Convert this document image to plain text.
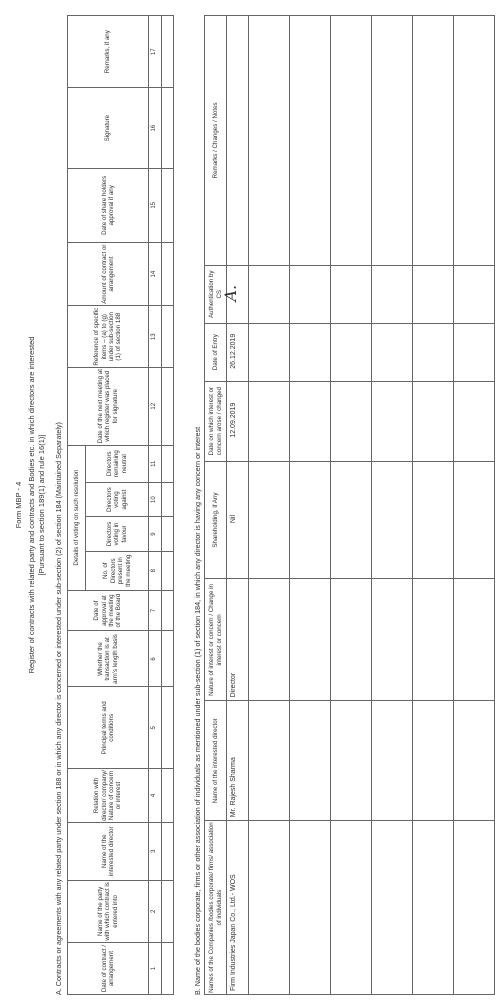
Form MBP - 4 Register of contracts with related party and contracts and Bodies etc. in which directors are interested [Pursuant to section 189(1) and rule 16(1)] A. Contracts or agreements with any related party under section 188 or in which any director is concerned or interested under sub-section (2) of section 184 (Maintained Separately)	Date of contract / arrangement	Name of the party with which contract is entered into	Name of the interested director	Relation with director/ company/ Nature of concern or interest	Principal terms and conditions	Whether the transaction is at arm's length basis	Date of approval at the meeting of the Board	Details of voting on such resolution				Date of the next meeting at which register was placed for signature	Reference of specific items – (a) to (g) under sub-section (1) of section 188	Amount of contract or arrangement	Date of share holders approval if any	Signature	Remarks, if any
							No. of Directors present in the meeting	Directors voting in favour	Directors voting against	Directors remaining neutral						
1	2	3	4	5	6	7	8	9	10	11	12	13	14	15	16	17

B. Name of the bodies corporate, firms or other association of individuals as mentioned under sub-section (1) of section 184, in which any director is having any concern or interest Names of the Companies /bodies corporate/ firms/ association of individuals	Name of the interested director	Nature of interest or concern / Change in interest or concern	Shareholding, if Any	Date on which interest or concern arose / changed	Date of Entry	Authentication by CS	Remarks / Changes / Notes
Firm Industries Japan Co., Ltd.- WOS	Mr. Rajesh Sharma	Director	Nil	12.09.2019	26.12.2019	A.	
